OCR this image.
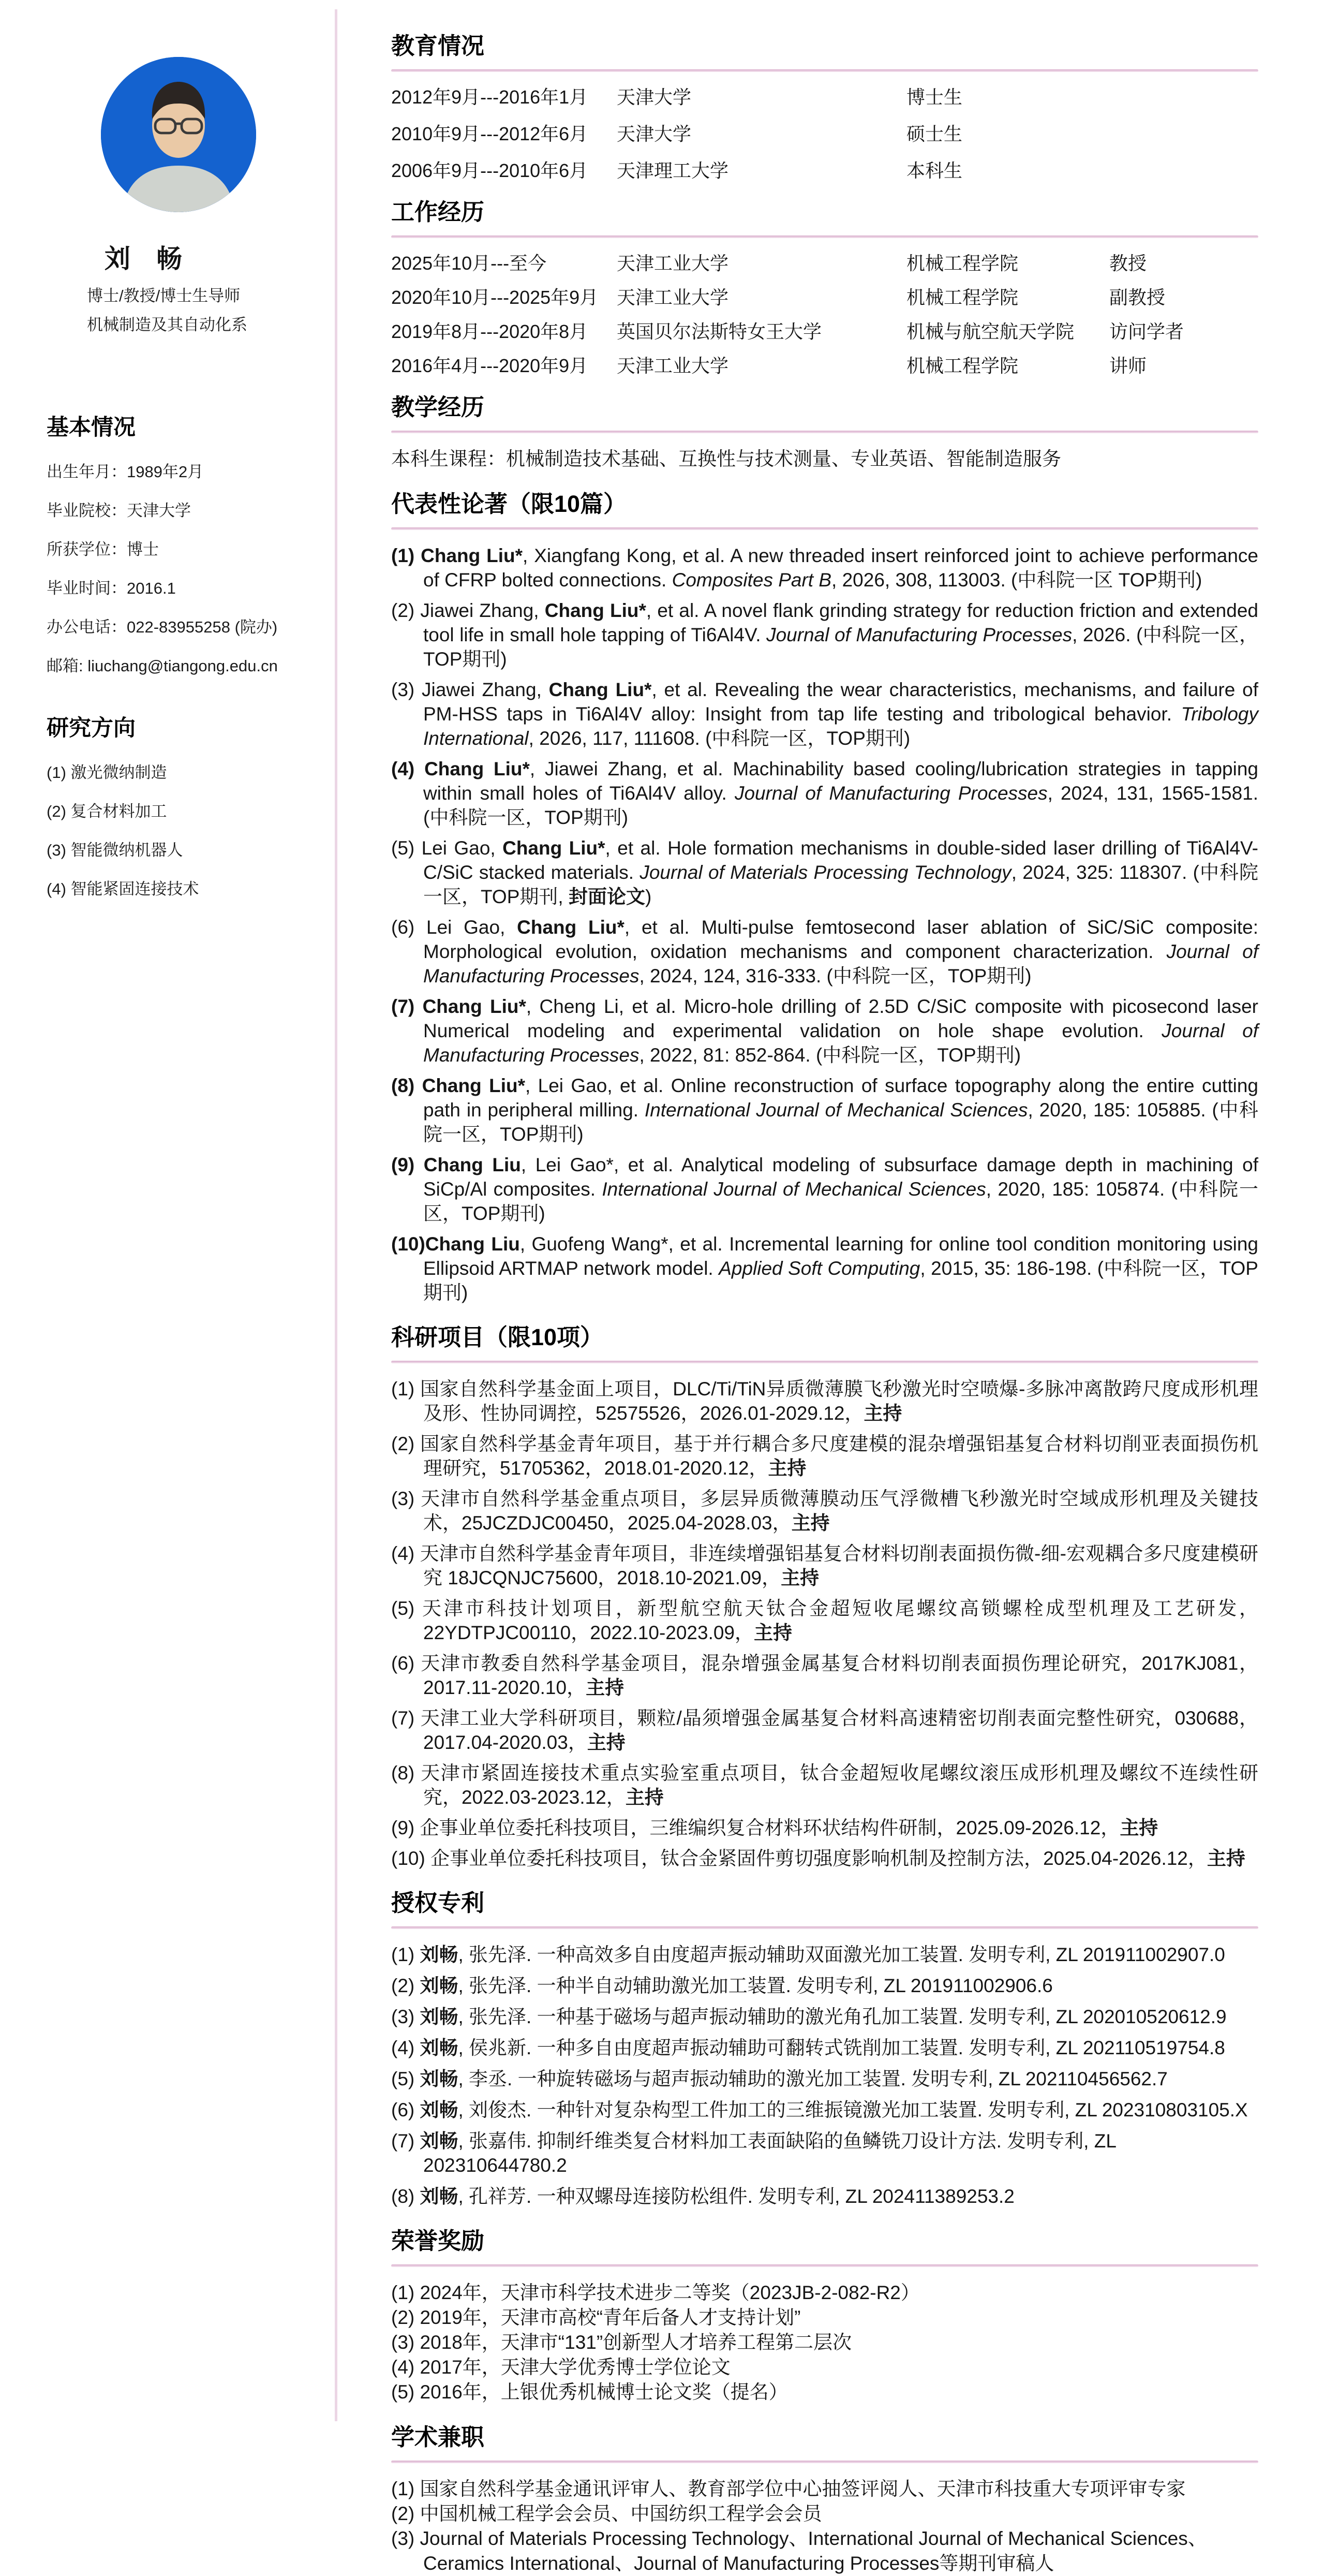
刘　畅
博士/教授/博士生导师
机械制造及其自动化系
基本情况
出生年月：1989年2月
毕业院校：天津大学
所获学位：博士
毕业时间：2016.1
办公电话：022-83955258 (院办)
邮箱: liuchang@tiangong.edu.cn
研究方向
(1) 激光微纳制造
(2) 复合材料加工
(3) 智能微纳机器人
(4) 智能紧固连接技术
教育情况
2012年9月---2016年1月	天津大学	博士生
2010年9月---2012年6月	天津大学	硕士生
2006年9月---2010年6月	天津理工大学	本科生
工作经历
2025年10月---至今	天津工业大学	机械工程学院	教授
2020年10月---2025年9月 天津工业大学	机械工程学院	副教授
2019年8月---2020年8月	英国贝尔法斯特女王大学	机械与航空航天学院	访问学者
2016年4月---2020年9月	天津工业大学	机械工程学院	讲师
教学经历
本科生课程：机械制造技术基础、互换性与技术测量、专业英语、智能制造服务
代表性论著（限10篇）
(1) Chang Liu*, Xiangfang Kong, et al. A new threaded insert reinforced joint to achieve performance of CFRP bolted connections. Composites Part B, 2026, 308, 113003. (中科院一区 TOP期刊)
(2) Jiawei Zhang, Chang Liu*, et al. A novel flank grinding strategy for reduction friction and extended tool life in small hole tapping of Ti6Al4V. Journal of Manufacturing Processes, 2026. (中科院一区，TOP期刊)
(3) Jiawei Zhang, Chang Liu*, et al. Revealing the wear characteristics, mechanisms, and failure of PM-HSS taps in Ti6Al4V alloy: Insight from tap life testing and tribological behavior. Tribology International, 2026, 117, 111608. (中科院一区，TOP期刊)
(4) Chang Liu*, Jiawei Zhang, et al. Machinability based cooling/lubrication strategies in tapping within small holes of Ti6Al4V alloy. Journal of Manufacturing Processes, 2024, 131, 1565-1581. (中科院一区，TOP期刊)
(5) Lei Gao, Chang Liu*, et al. Hole formation mechanisms in double-sided laser drilling of Ti6Al4V-C/SiC stacked materials. Journal of Materials Processing Technology, 2024, 325: 118307. (中科院一区，TOP期刊, 封面论文)
(6) Lei Gao, Chang Liu*, et al. Multi-pulse femtosecond laser ablation of SiC/SiC composite: Morphological evolution, oxidation mechanisms and component characterization. Journal of Manufacturing Processes, 2024, 124, 316-333. (中科院一区，TOP期刊)
(7) Chang Liu*, Cheng Li, et al. Micro-hole drilling of 2.5D C/SiC composite with picosecond laser Numerical modeling and experimental validation on hole shape evolution. Journal of Manufacturing Processes, 2022, 81: 852-864. (中科院一区，TOP期刊)
(8) Chang Liu*, Lei Gao, et al. Online reconstruction of surface topography along the entire cutting path in peripheral milling. International Journal of Mechanical Sciences, 2020, 185: 105885. (中科院一区，TOP期刊)
(9) Chang Liu, Lei Gao*, et al. Analytical modeling of subsurface damage depth in machining of SiCp/Al composites. International Journal of Mechanical Sciences, 2020, 185: 105874. (中科院一区，TOP期刊)
(10)Chang Liu, Guofeng Wang*, et al. Incremental learning for online tool condition monitoring using Ellipsoid ARTMAP network model. Applied Soft Computing, 2015, 35: 186-198. (中科院一区，TOP期刊)
科研项目（限10项）
(1) 国家自然科学基金面上项目，DLC/Ti/TiN异质微薄膜飞秒激光时空喷爆-多脉冲离散跨尺度成形机理及形、性协同调控，52575526，2026.01-2029.12，主持
(2) 国家自然科学基金青年项目，基于并行耦合多尺度建模的混杂增强铝基复合材料切削亚表面损伤机理研究，51705362，2018.01-2020.12，主持
(3) 天津市自然科学基金重点项目，多层异质微薄膜动压气浮微槽飞秒激光时空域成形机理及关键技术，25JCZDJC00450，2025.04-2028.03，主持
(4) 天津市自然科学基金青年项目，非连续增强铝基复合材料切削表面损伤微-细-宏观耦合多尺度建模研究 18JCQNJC75600，2018.10-2021.09，主持
(5) 天津市科技计划项目，新型航空航天钛合金超短收尾螺纹高锁螺栓成型机理及工艺研发，22YDTPJC00110，2022.10-2023.09，主持
(6) 天津市教委自然科学基金项目，混杂增强金属基复合材料切削表面损伤理论研究，2017KJ081，2017.11-2020.10，主持
(7) 天津工业大学科研项目，颗粒/晶须增强金属基复合材料高速精密切削表面完整性研究，030688，2017.04-2020.03，主持
(8) 天津市紧固连接技术重点实验室重点项目，钛合金超短收尾螺纹滚压成形机理及螺纹不连续性研究，2022.03-2023.12，主持
(9) 企事业单位委托科技项目，三维编织复合材料环状结构件研制，2025.09-2026.12，主持
(10) 企事业单位委托科技项目，钛合金紧固件剪切强度影响机制及控制方法，2025.04-2026.12，主持
授权专利
(1) 刘畅, 张先泽. 一种高效多自由度超声振动辅助双面激光加工装置. 发明专利, ZL 201911002907.0
(2) 刘畅, 张先泽. 一种半自动辅助激光加工装置. 发明专利, ZL 201911002906.6
(3) 刘畅, 张先泽. 一种基于磁场与超声振动辅助的激光角孔加工装置. 发明专利, ZL 202010520612.9
(4) 刘畅, 侯兆新. 一种多自由度超声振动辅助可翻转式铣削加工装置. 发明专利, ZL 202110519754.8
(5) 刘畅, 李丞. 一种旋转磁场与超声振动辅助的激光加工装置. 发明专利, ZL 202110456562.7
(6) 刘畅, 刘俊杰. 一种针对复杂构型工件加工的三维振镜激光加工装置. 发明专利, ZL 202310803105.X
(7) 刘畅, 张嘉伟. 抑制纤维类复合材料加工表面缺陷的鱼鳞铣刀设计方法. 发明专利, ZL 202310644780.2
(8) 刘畅, 孔祥芳. 一种双螺母连接防松组件. 发明专利, ZL 202411389253.2
荣誉奖励
(1) 2024年，天津市科学技术进步二等奖（2023JB-2-082-R2）
(2) 2019年，天津市高校“青年后备人才支持计划”
(3) 2018年，天津市“131”创新型人才培养工程第二层次
(4) 2017年，天津大学优秀博士学位论文
(5) 2016年，上银优秀机械博士论文奖（提名）
学术兼职
(1) 国家自然科学基金通讯评审人、教育部学位中心抽签评阅人、天津市科技重大专项评审专家
(2) 中国机械工程学会会员、中国纺织工程学会会员
(3) Journal of Materials Processing Technology、International Journal of Mechanical Sciences、Ceramics International、Journal of Manufacturing Processes等期刊审稿人
